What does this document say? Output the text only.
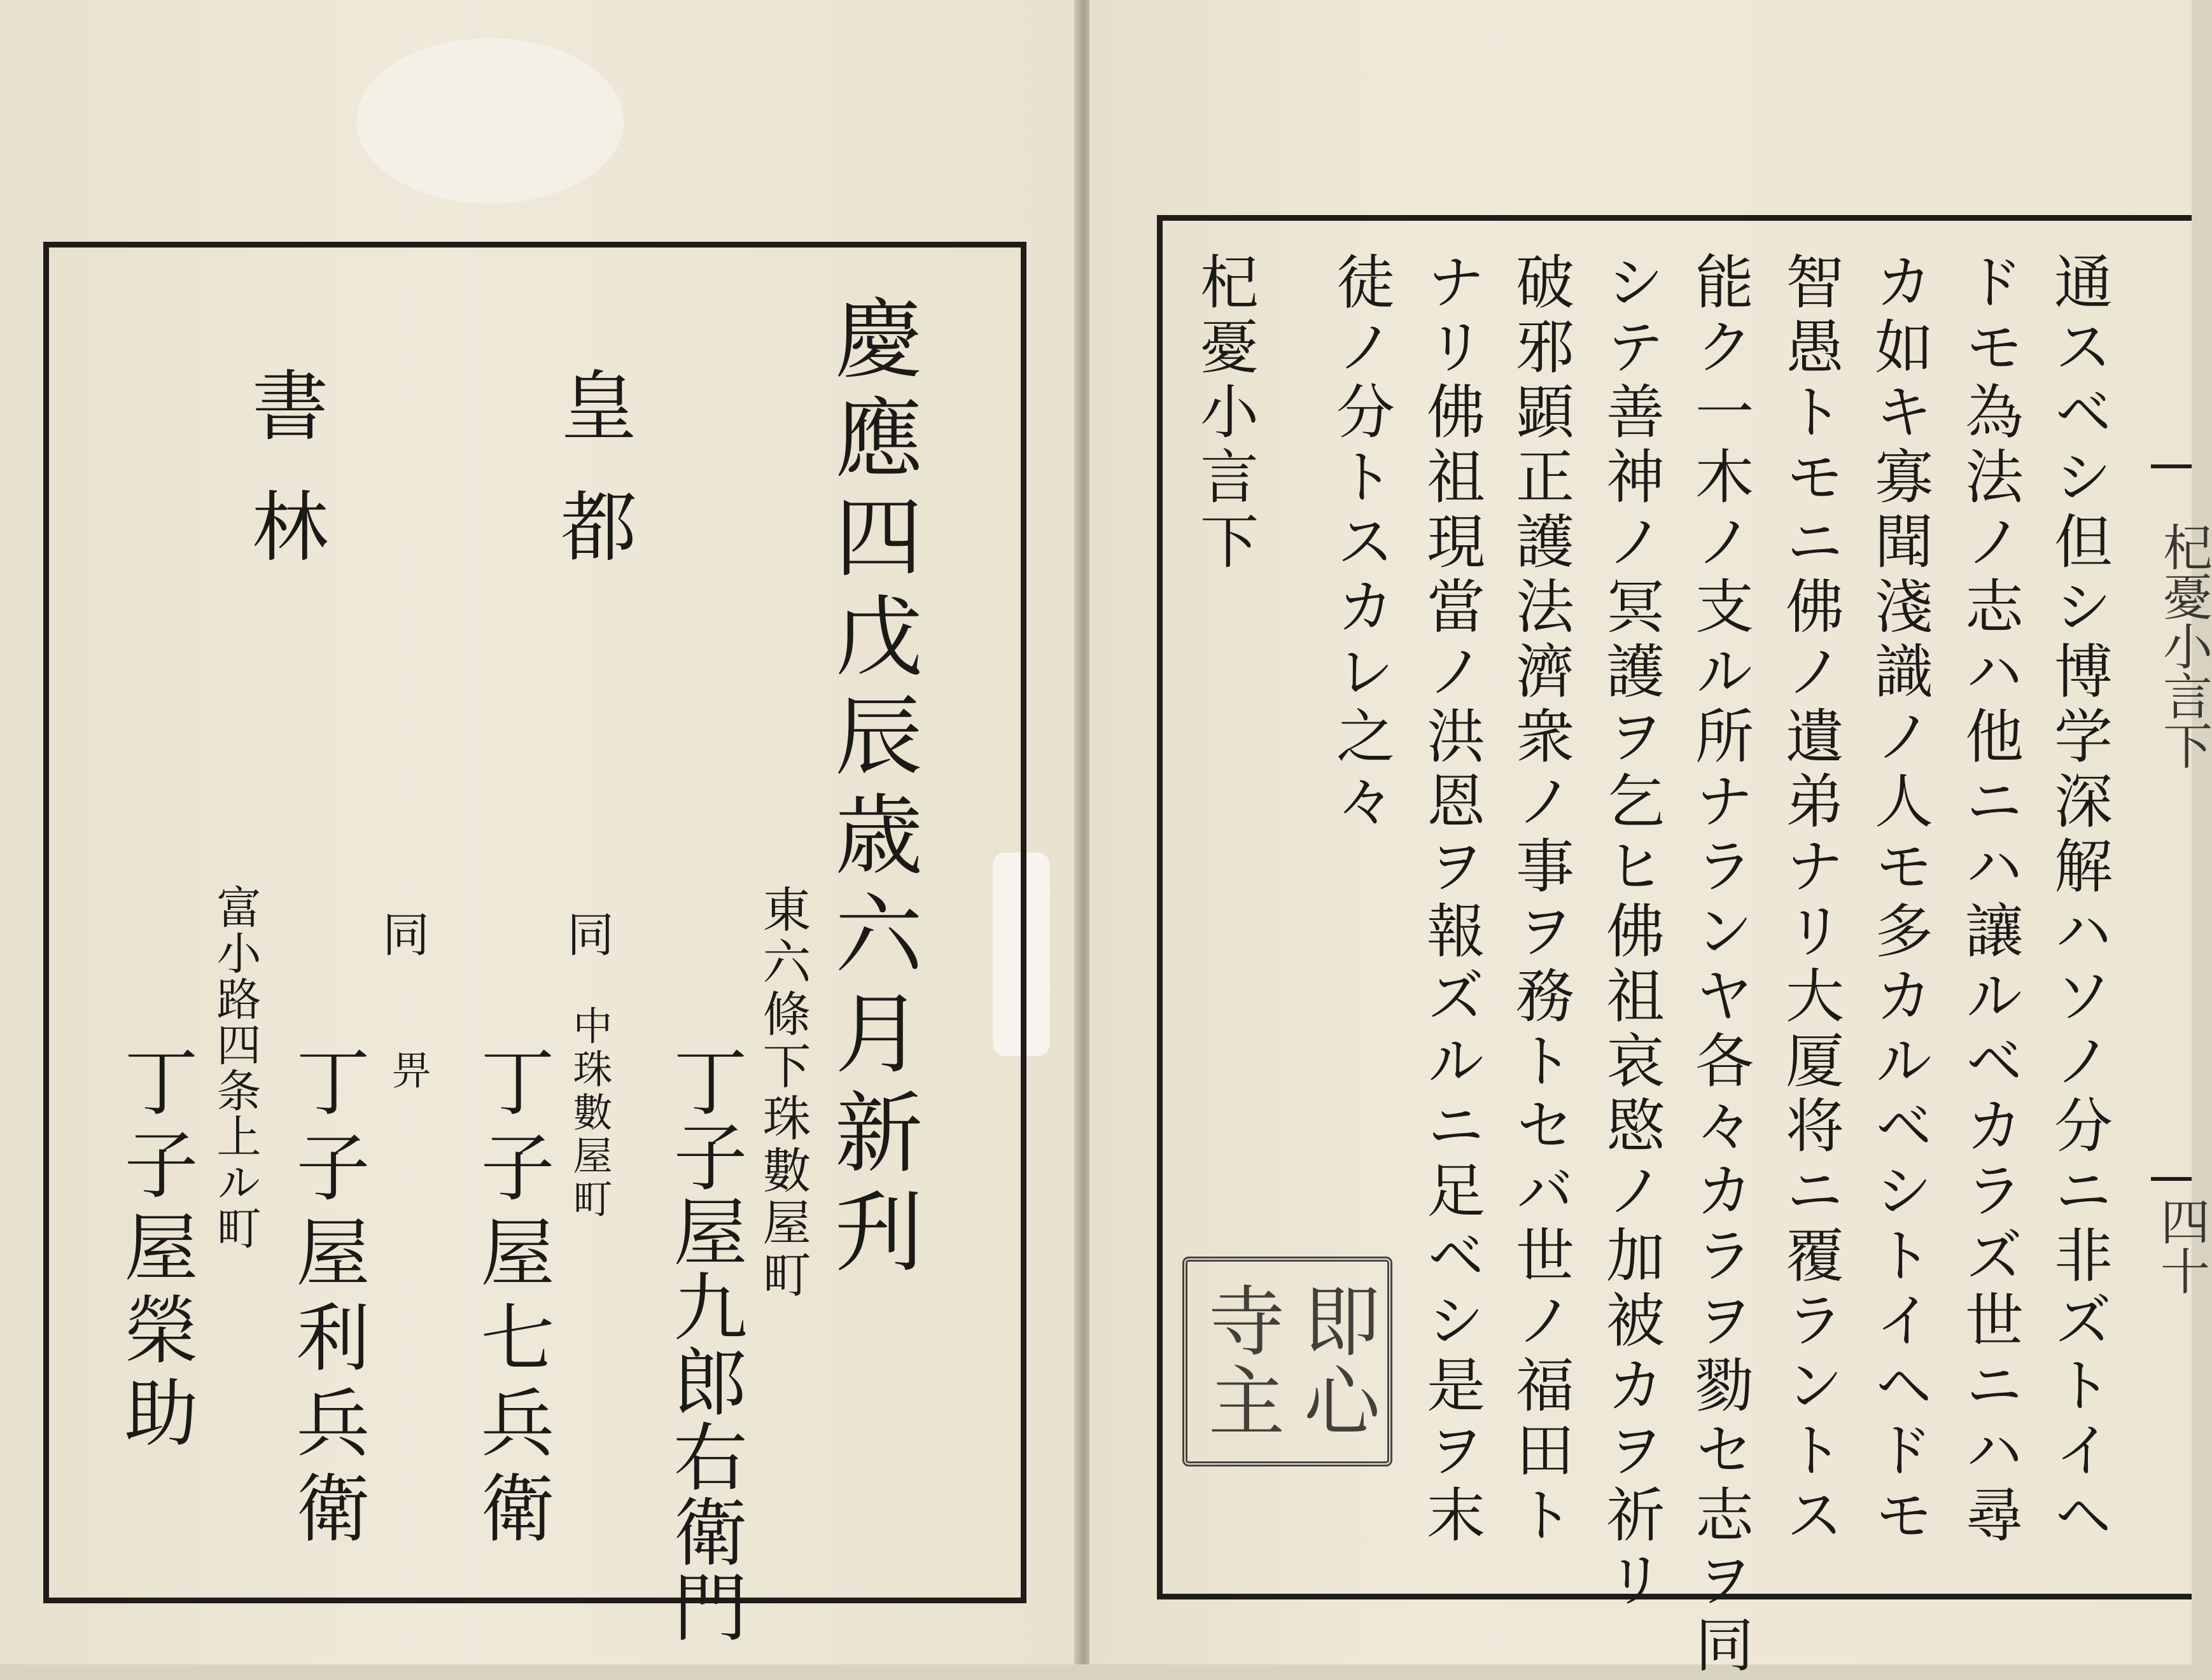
慶應四戊辰歳六月新刋
皇都
書林
東六條下珠數屋町
丁子屋九郎右衛門
同
中珠數屋町
丁子屋七兵衛
同
畀
丁子屋利兵衛
富小路四条上ル町
丁子屋榮助	通スベシ但シ博学深解ハソノ分ニ非ズトイヘ
ドモ為法ノ志ハ他ニハ讓ルベカラズ世ニハ尋
カ如キ寡聞淺識ノ人モ多カルベシトイヘドモ
智愚トモニ佛ノ遺弟ナリ大厦将ニ覆ラントス
能ク一木ノ支ル所ナランヤ各々カラヲ勠セ志ヲ同
シテ善神ノ冥護ヲ乞ヒ佛祖哀愍ノ加被カヲ祈リ
破邪顕正護法濟衆ノ事ヲ務トセバ世ノ福田ト
ナリ佛祖現當ノ洪恩ヲ報ズルニ足ベシ是ヲ末
徒ノ分トスカレ之々
杞憂小言下
杞憂小言下
四十
即心寺主
